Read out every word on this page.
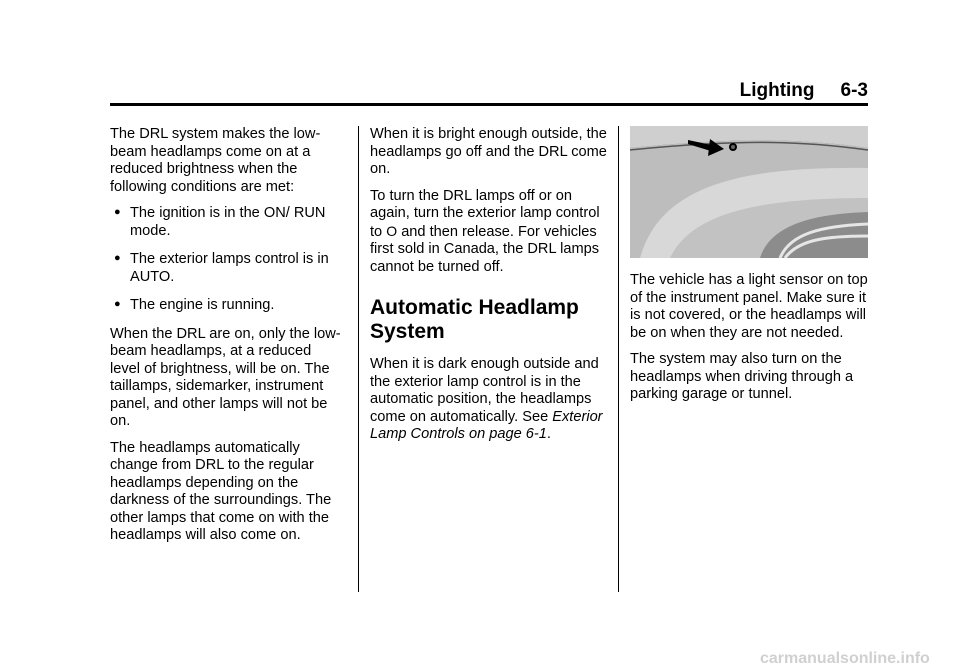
Lighting 6-3

The DRL system makes the low-beam headlamps come on at a reduced brightness when the following conditions are met:

● The ignition is in the ON/ RUN mode.
● The exterior lamps control is in AUTO.
● The engine is running.

When the DRL are on, only the low-beam headlamps, at a reduced level of brightness, will be on. The taillamps, sidemarker, instrument panel, and other lamps will not be on.

The headlamps automatically change from DRL to the regular headlamps depending on the darkness of the surroundings. The other lamps that come on with the headlamps will also come on.

When it is bright enough outside, the headlamps go off and the DRL come on.

To turn the DRL lamps off or on again, turn the exterior lamp control to O and then release. For vehicles first sold in Canada, the DRL lamps cannot be turned off.

Automatic Headlamp System

When it is dark enough outside and the exterior lamp control is in the automatic position, the headlamps come on automatically. See Exterior Lamp Controls on page 6-1.

The vehicle has a light sensor on top of the instrument panel. Make sure it is not covered, or the headlamps will be on when they are not needed.

The system may also turn on the headlamps when driving through a parking garage or tunnel.

carmanualsonline.info
